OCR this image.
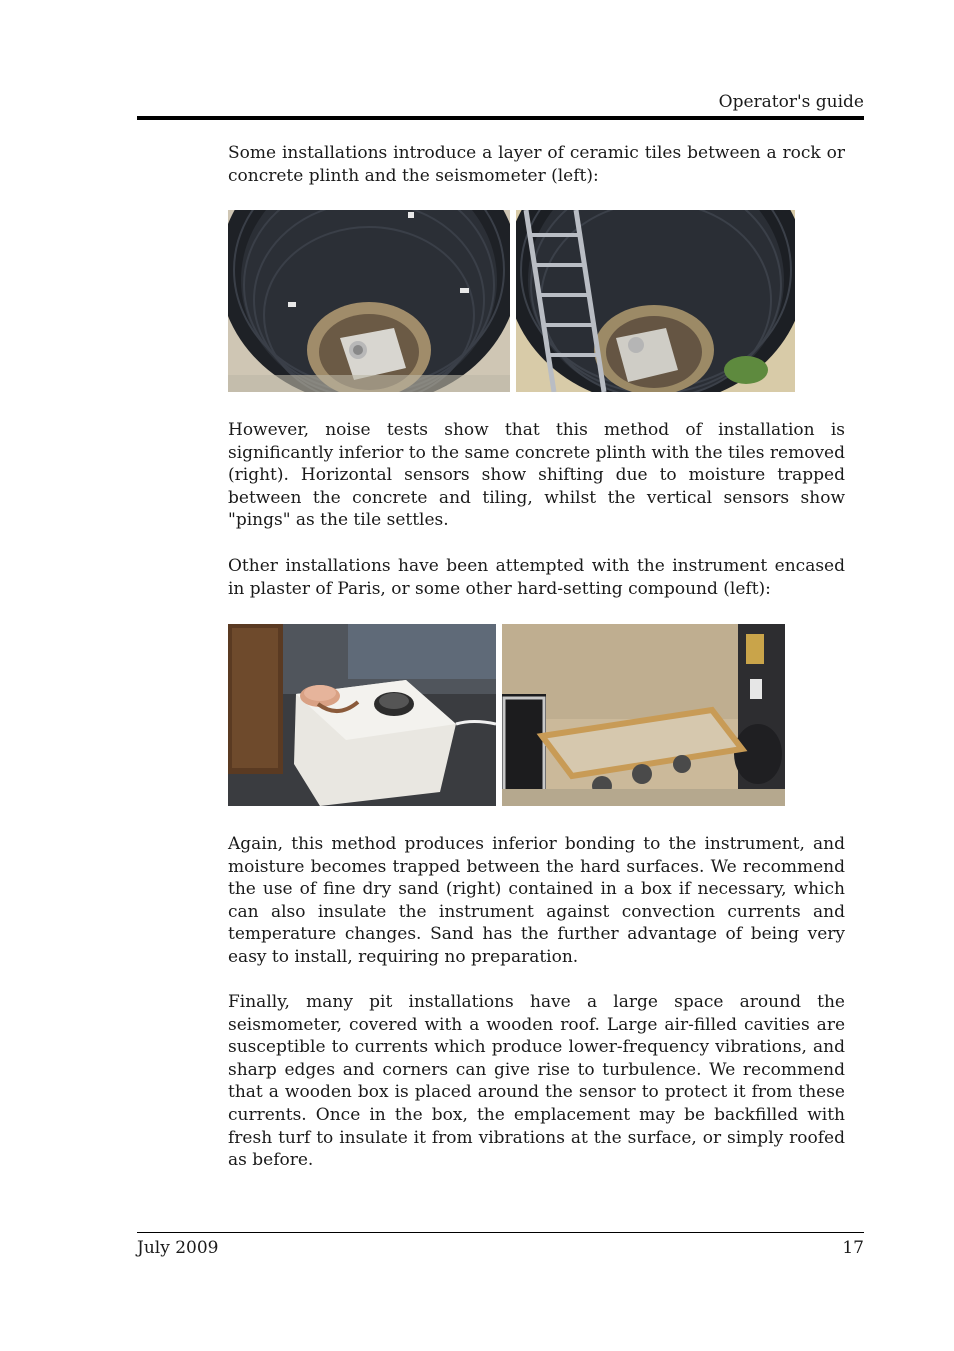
Operator's guide

Some installations introduce a layer of ceramic tiles between a rock or concrete plinth and the seismometer (left):

However, noise tests show that this method of installation is significantly inferior to the same concrete plinth with the tiles removed (right). Horizontal sensors show shifting due to moisture trapped between the concrete and tiling, whilst the vertical sensors show "pings" as the tile settles.

Other installations have been attempted with the instrument encased in plaster of Paris, or some other hard-setting compound (left):

Again, this method produces inferior bonding to the instrument, and moisture becomes trapped between the hard surfaces. We recommend the use of fine dry sand (right) contained in a box if necessary, which can also insulate the instrument against convection currents and temperature changes. Sand has the further advantage of being very easy to install, requiring no preparation.

Finally, many pit installations have a large space around the seismometer, covered with a wooden roof. Large air-filled cavities are susceptible to currents which produce lower-frequency vibrations, and sharp edges and corners can give rise to turbulence. We recommend that a wooden box is placed around the sensor to protect it from these currents. Once in the box, the emplacement may be backfilled with fresh turf to insulate it from vibrations at the surface, or simply roofed as before.

July 2009	17
